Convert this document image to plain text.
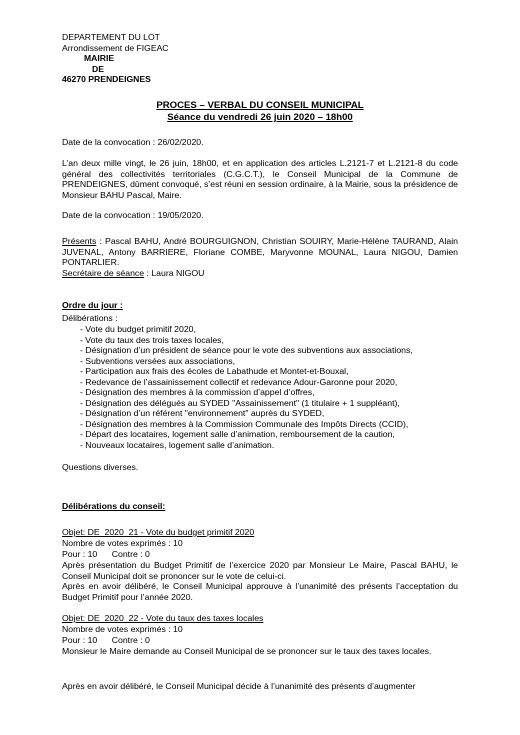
DEPARTEMENT DU LOT
Arrondissement de FIGEAC
MAIRIE
DE
46270 PRENDEIGNES
PROCES – VERBAL DU CONSEIL MUNICIPAL
Séance du vendredi 26 juin 2020 – 18h00
Date de la convocation : 26/02/2020.
L’an deux mille vingt, le 26 juin, 18h00, et en application des articles L.2121-7 et L.2121-8 du code général des collectivités territoriales (C.G.C.T.), le Conseil Municipal de la Commune de PRENDEIGNES, dûment convoqué, s’est réuni en session ordinaire, à la Mairie, sous la présidence de Monsieur BAHU Pascal, Maire.
Date de la convocation : 19/05/2020.
Présents : Pascal BAHU, André BOURGUIGNON, Christian SOUIRY, Marie-Hélène TAURAND, Alain JUVENAL, Antony BARRIERE, Floriane COMBE, Maryvonne MOUNAL, Laura NIGOU, Damien PONTARLIER.
Secrétaire de séance : Laura NIGOU
Ordre du jour :
Délibérations :
- Vote du budget primitif 2020,
- Vote du taux des trois taxes locales,
- Désignation d’un président de séance pour le vote des subventions aux associations,
- Subventions versées aux associations,
- Participation aux frais des écoles de Labathude et Montet-et-Bouxal,
- Redevance de l’assainissement collectif et redevance Adour-Garonne pour 2020,
- Désignation des membres à la commission d’appel d’offres,
- Désignation des délégués au SYDED "Assainissement" (1 titulaire + 1 suppléant),
- Désignation d’un référent "environnement" auprès du SYDED,
- Désignation des membres à la Commission Communale des Impôts Directs (CCID),
- Départ des locataires, logement salle d’animation, remboursement de la caution,
- Nouveaux locataires, logement salle d’animation.
Questions diverses.
Délibérations du conseil:
Objet: DE_2020_21 - Vote du budget primitif 2020
Nombre de votes exprimés : 10
Pour : 10      Contre : 0
Après présentation du Budget Primitif de l’exercice 2020 par Monsieur Le Maire, Pascal BAHU, le Conseil Municipal doit se prononcer sur le vote de celui-ci.
Après en avoir délibéré, le Conseil Municipal approuve à l’unanimité des présents l’acceptation du Budget Primitif pour l’année 2020.
Objet: DE_2020_22 - Vote du taux des taxes locales
Nombre de votes exprimés : 10
Pour : 10      Contre : 0
Monsieur le Maire demande au Conseil Municipal de se prononcer sur le taux des taxes locales.
Après en avoir délibéré, le Conseil Municipal décide à l’unanimité des présents d’augmenter
